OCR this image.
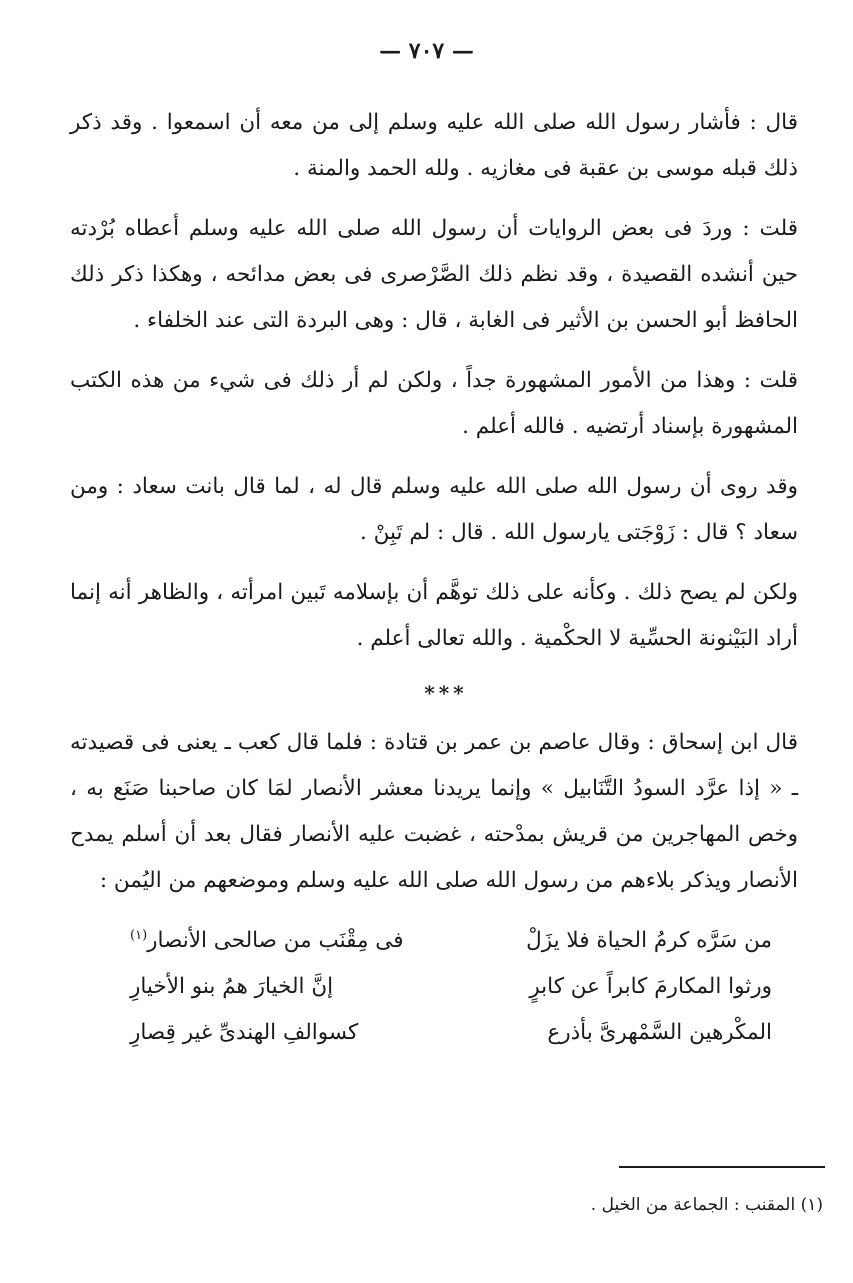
— ٧٠٧ —

قال : فأشار رسول الله صلى الله عليه وسلم إلى من معه أن اسمعوا . وقد ذكر ذلك قبله موسى بن عقبة فى مغازيه . ولله الحمد والمنة .

قلت : وردَ فى بعض الروايات أن رسول الله صلى الله عليه وسلم أعطاه بُرْدته حين أنشده القصيدة ، وقد نظم ذلك الصَّرْصرى فى بعض مدائحه ، وهكذا ذكر ذلك الحافظ أبو الحسن بن الأثير فى الغابة ، قال : وهى البردة التى عند الخلفاء .

قلت : وهذا من الأمور المشهورة جداً ، ولكن لم أر ذلك فى شيء من هذه الكتب المشهورة بإسناد أرتضيه . فالله أعلم .

وقد روى أن رسول الله صلى الله عليه وسلم قال له ، لما قال بانت سعاد : ومن سعاد ؟ قال : زَوْجَتى يارسول الله . قال : لم تَبِنْ .

ولكن لم يصح ذلك . وكأنه على ذلك توهَّم أن بإسلامه تَبين امرأته ، والظاهر أنه إنما أراد البَيْنونة الحسِّية لا الحكْمية . والله تعالى أعلم .

***

قال ابن إسحاق : وقال عاصم بن عمر بن قتادة : فلما قال كعب ـ يعنى فى قصيدته ـ « إذا عرَّد السودُ التَّنَابيل » وإنما يريدنا معشر الأنصار لمَا كان صاحبنا صَنَع به ، وخص المهاجرين من قريش بمدْحته ، غضبت عليه الأنصار فقال بعد أن أسلم يمدح الأنصار ويذكر بلاءهم من رسول الله صلى الله عليه وسلم وموضعهم من اليُمن :

من سَرَّه كرمُ الحياة فلا يزَلْ
فى مِقْنَب من صالحى الأنصار$^{(١)}$
ورثوا المكارمَ كابراً عن كابرٍ
إنَّ الخيارَ همُ بنو الأخيارِ
المكْرهين السَّمْهرىَّ بأذرع
كسوالفِ الهندىِّ غير قِصارِ
(١) المقنب : الجماعة من الخيل .
